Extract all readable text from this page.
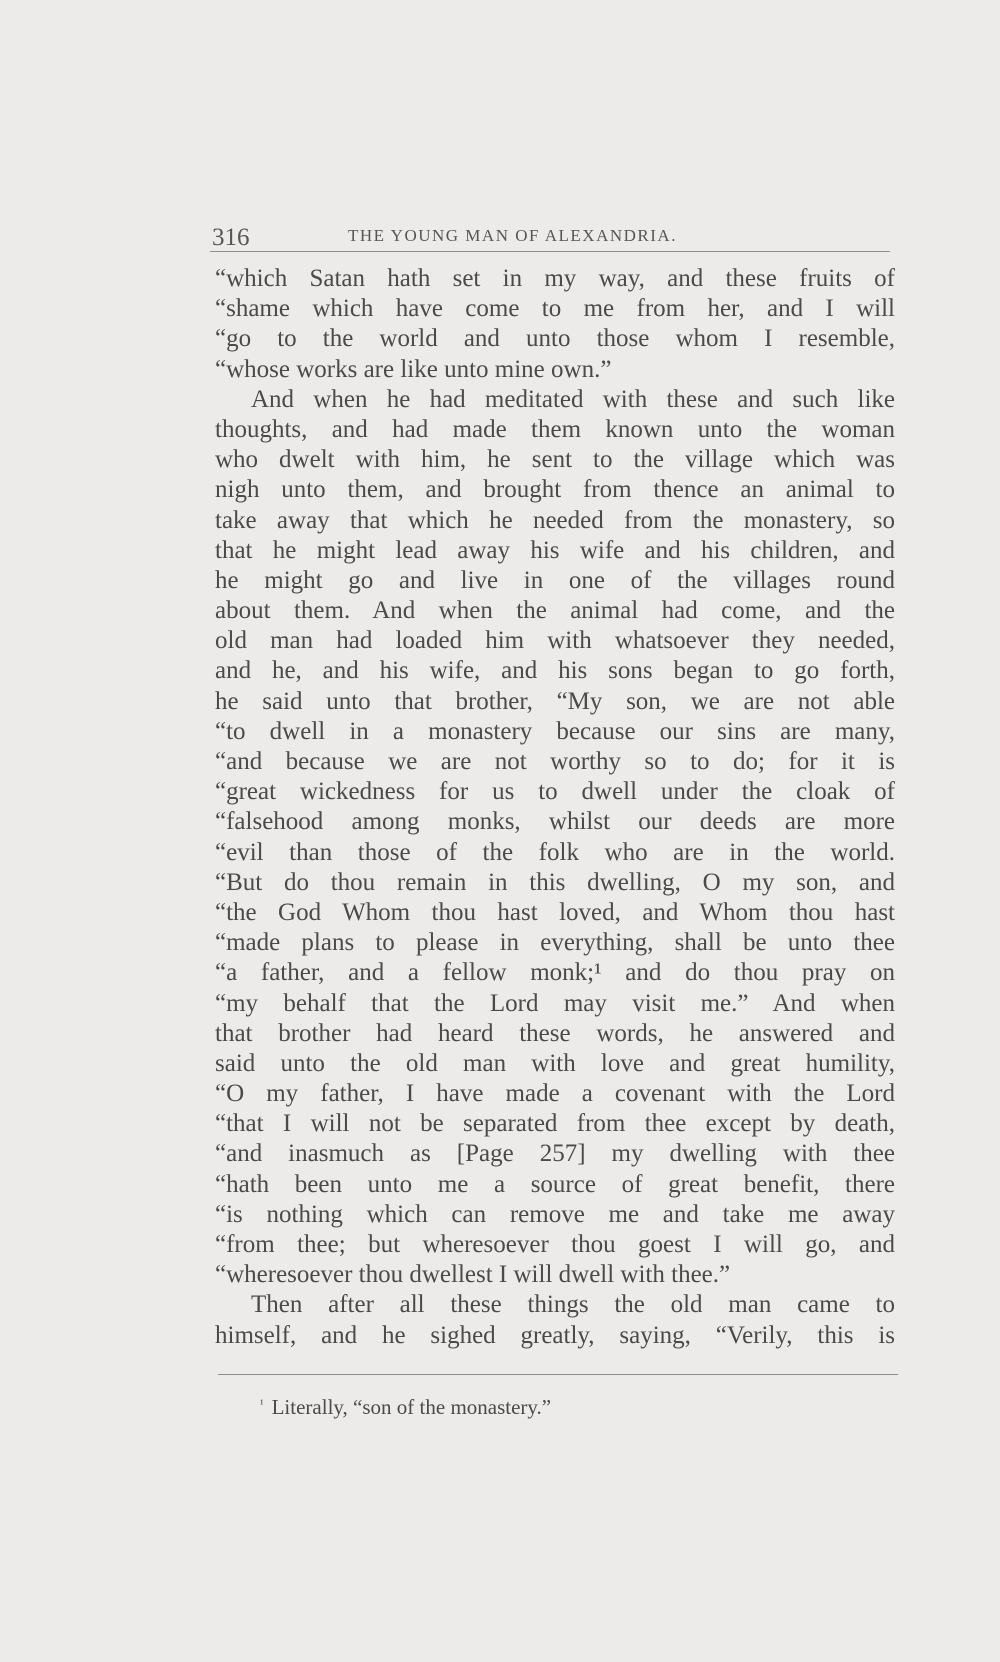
316	THE YOUNG MAN OF ALEXANDRIA.
“which Satan hath set in my way, and these fruits of
“shame which have come to me from her, and I will
“go to the world and unto those whom I resemble,
“whose works are like unto mine own.”
And when he had meditated with these and such like
thoughts, and had made them known unto the woman
who dwelt with him, he sent to the village which was
nigh unto them, and brought from thence an animal to
take away that which he needed from the monastery, so
that he might lead away his wife and his children, and
he might go and live in one of the villages round
about them. And when the animal had come, and the
old man had loaded him with whatsoever they needed,
and he, and his wife, and his sons began to go forth,
he said unto that brother, “My son, we are not able
“to dwell in a monastery because our sins are many,
“and because we are not worthy so to do; for it is
“great wickedness for us to dwell under the cloak of
“falsehood among monks, whilst our deeds are more
“evil than those of the folk who are in the world.
“But do thou remain in this dwelling, O my son, and
“the God Whom thou hast loved, and Whom thou hast
“made plans to please in everything, shall be unto thee
“a father, and a fellow monk;¹ and do thou pray on
“my behalf that the Lord may visit me.” And when
that brother had heard these words, he answered and
said unto the old man with love and great humility,
“O my father, I have made a covenant with the Lord
“that I will not be separated from thee except by death,
“and inasmuch as [Page 257] my dwelling with thee
“hath been unto me a source of great benefit, there
“is nothing which can remove me and take me away
“from thee; but wheresoever thou goest I will go, and
“wheresoever thou dwellest I will dwell with thee.”
Then after all these things the old man came to
himself, and he sighed greatly, saying, “Verily, this is
$^{^1}$ Literally, “son of the monastery.”
